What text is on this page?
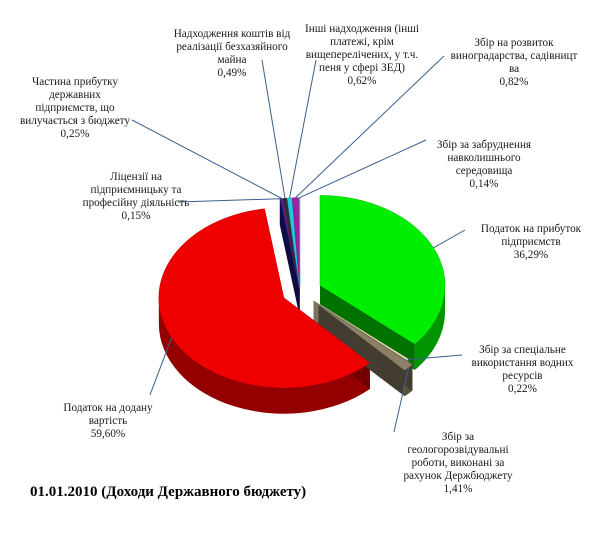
Податок на прибуток
підприємств

36,29%

Збір за спеціальне
використання водних
ресурсів

0,22%

Збір за
геологорозвідувальні
роботи, виконані за
рахунок Держбюджету

1,41%

Податок на додану
вартість

59,60%

Ліцензії на
підприємницьку та
професійну діяльність

0,15%

Частина прибутку
державних
підприємств, що
вилучається з бюджету

0,25%

Надходження коштів від
реалізації безхазяйного
майна

0,49%

Інші надходження (інші
платежі, крім
вищеперелічених, у т.ч.
пеня у сфері ЗЕД)

0,62%

Збір на розвиток
виноградарства, садівницт
ва

0,82%

Збір за забруднення
навколишнього
середовища

0,14%

01.01.2010 (Доходи Державного бюджету)
